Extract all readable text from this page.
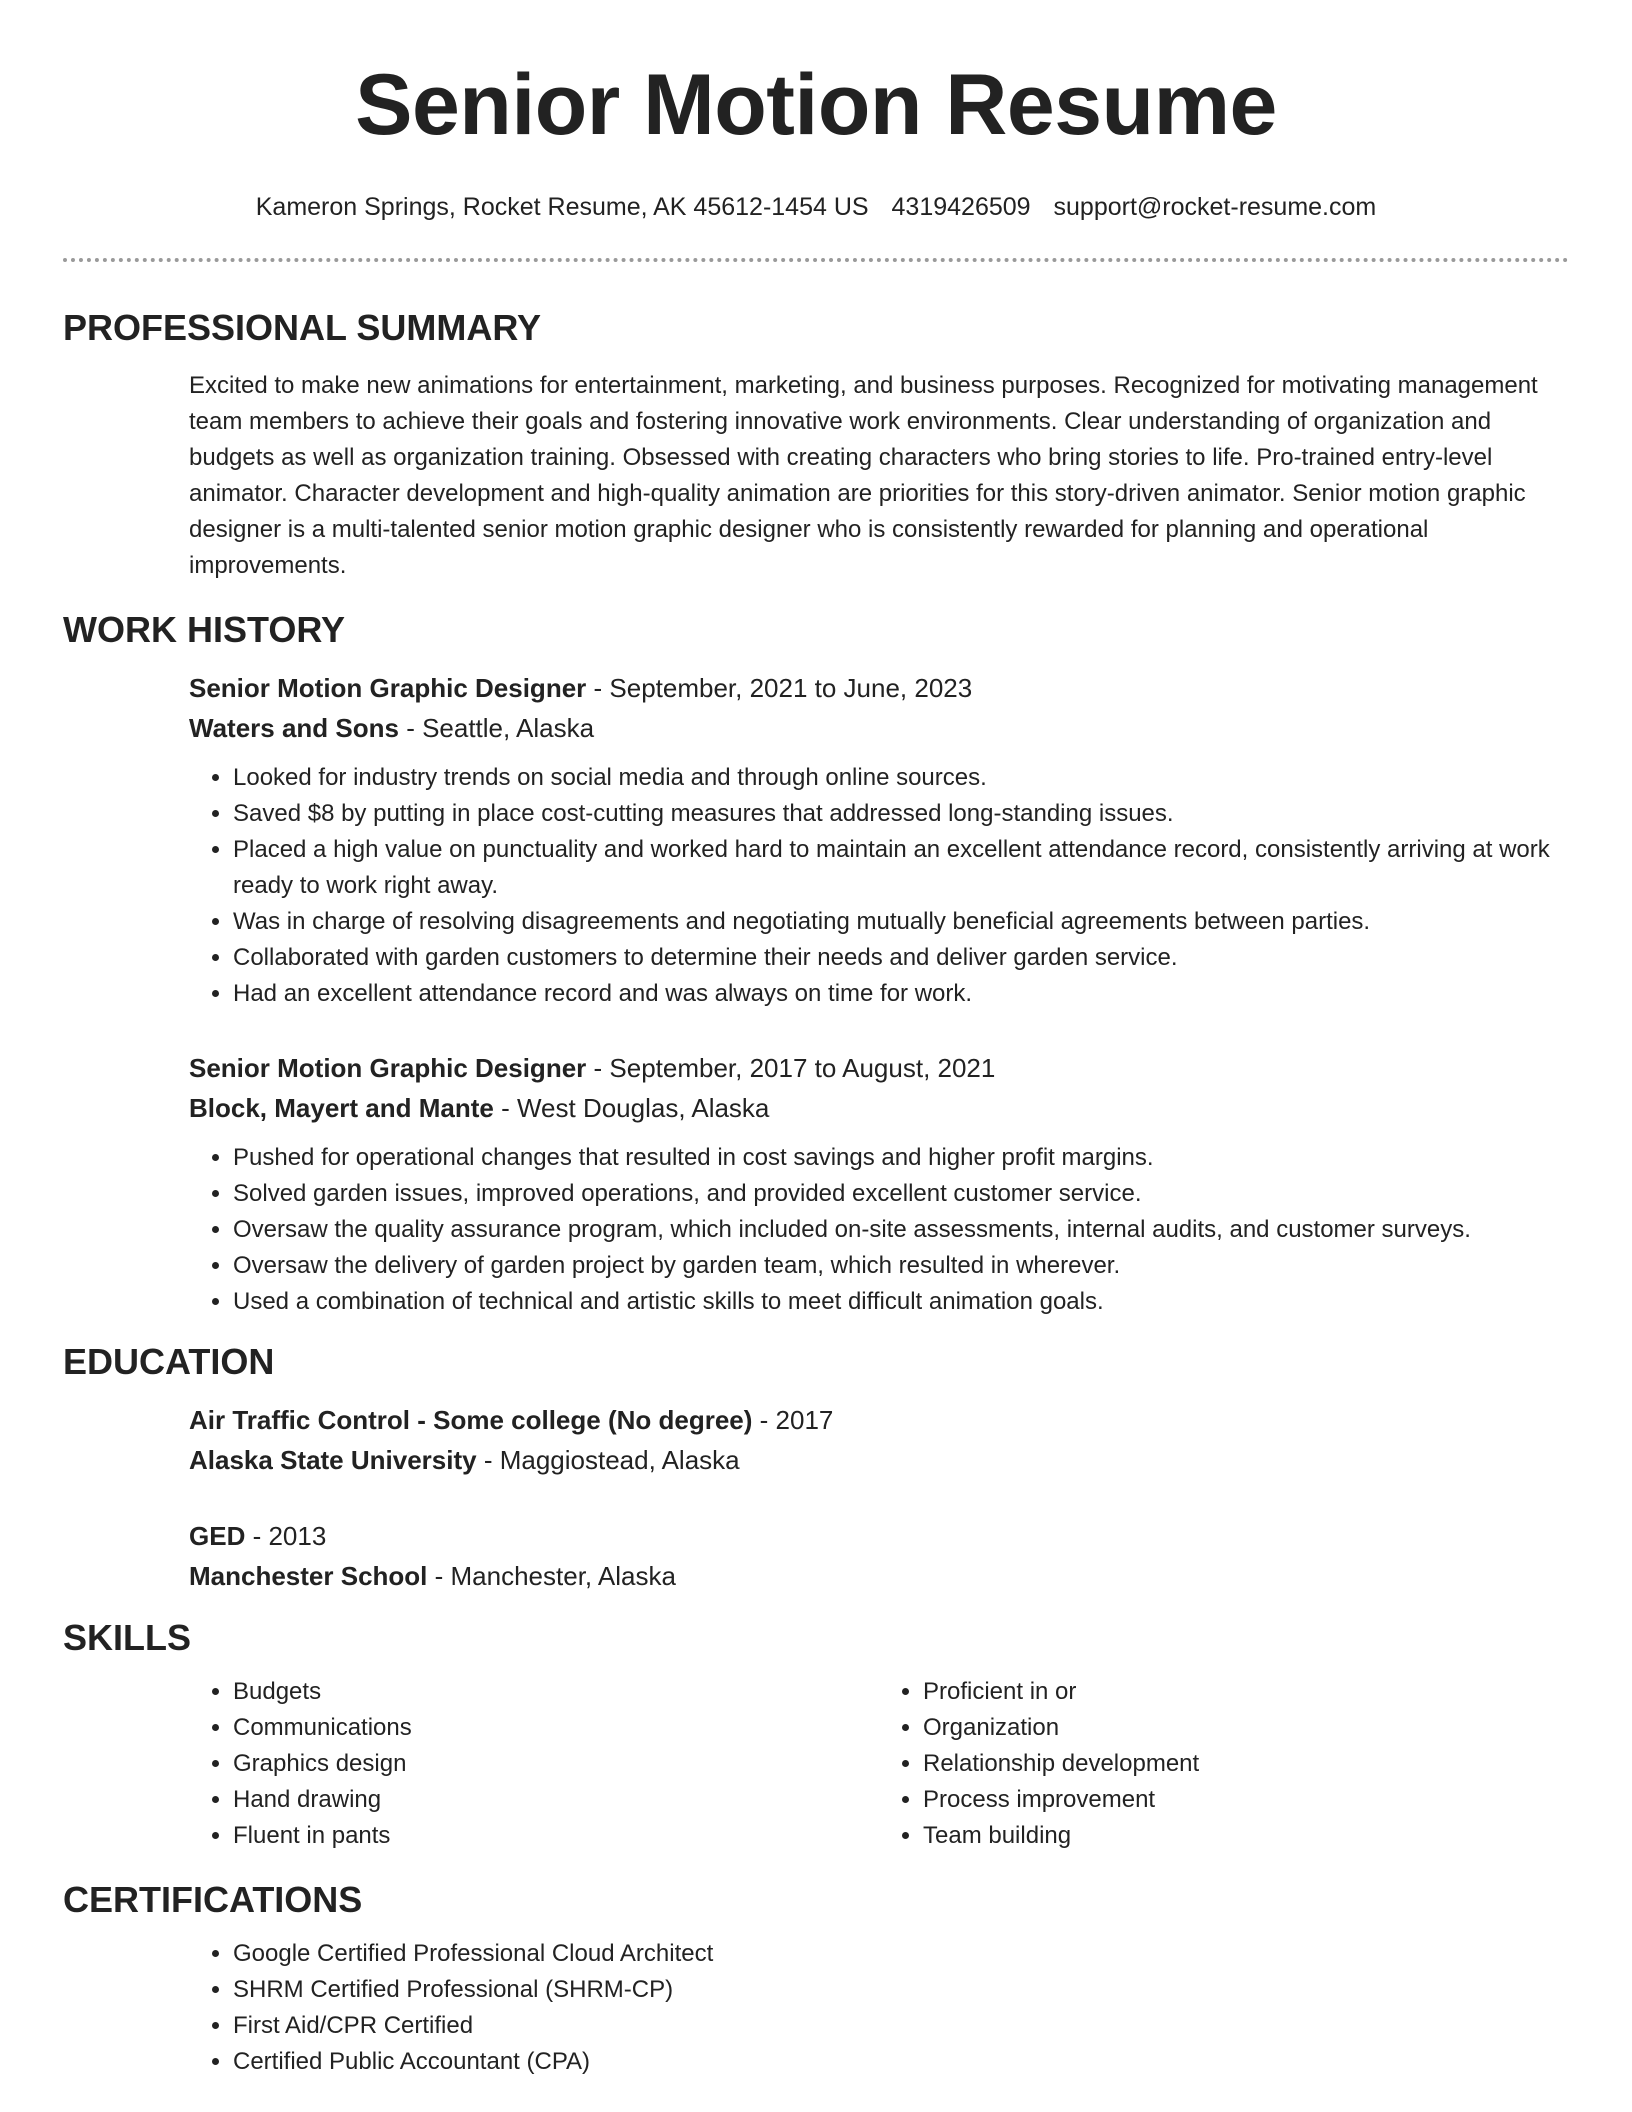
Senior Motion Resume
Kameron Springs, Rocket Resume, AK 45612-1454 US 4319426509 support@rocket-resume.com
PROFESSIONAL SUMMARY

Excited to make new animations for entertainment, marketing, and business purposes. Recognized for motivating management team members to achieve their goals and fostering innovative work environments. Clear understanding of organization and budgets as well as organization training. Obsessed with creating characters who bring stories to life. Pro-trained entry-level animator. Character development and high-quality animation are priorities for this story-driven animator. Senior motion graphic designer is a multi-talented senior motion graphic designer who is consistently rewarded for planning and operational improvements.

WORK HISTORY
Senior Motion Graphic Designer - September, 2021 to June, 2023
Waters and Sons - Seattle, Alaska
• Looked for industry trends on social media and through online sources.
• Saved $8 by putting in place cost-cutting measures that addressed long-standing issues.
• Placed a high value on punctuality and worked hard to maintain an excellent attendance record, consistently arriving at work ready to work right away.
• Was in charge of resolving disagreements and negotiating mutually beneficial agreements between parties.
• Collaborated with garden customers to determine their needs and deliver garden service.
• Had an excellent attendance record and was always on time for work.
Senior Motion Graphic Designer - September, 2017 to August, 2021
Block, Mayert and Mante - West Douglas, Alaska
• Pushed for operational changes that resulted in cost savings and higher profit margins.
• Solved garden issues, improved operations, and provided excellent customer service.
• Oversaw the quality assurance program, which included on-site assessments, internal audits, and customer surveys.
• Oversaw the delivery of garden project by garden team, which resulted in wherever.
• Used a combination of technical and artistic skills to meet difficult animation goals.
EDUCATION
Air Traffic Control - Some college (No degree) - 2017
Alaska State University - Maggiostead, Alaska
GED - 2013
Manchester School - Manchester, Alaska
SKILLS
• Budgets
• Communications
• Graphics design
• Hand drawing
• Fluent in pants
• Proficient in or
• Organization
• Relationship development
• Process improvement
• Team building
CERTIFICATIONS
• Google Certified Professional Cloud Architect
• SHRM Certified Professional (SHRM-CP)
• First Aid/CPR Certified
• Certified Public Accountant (CPA)
